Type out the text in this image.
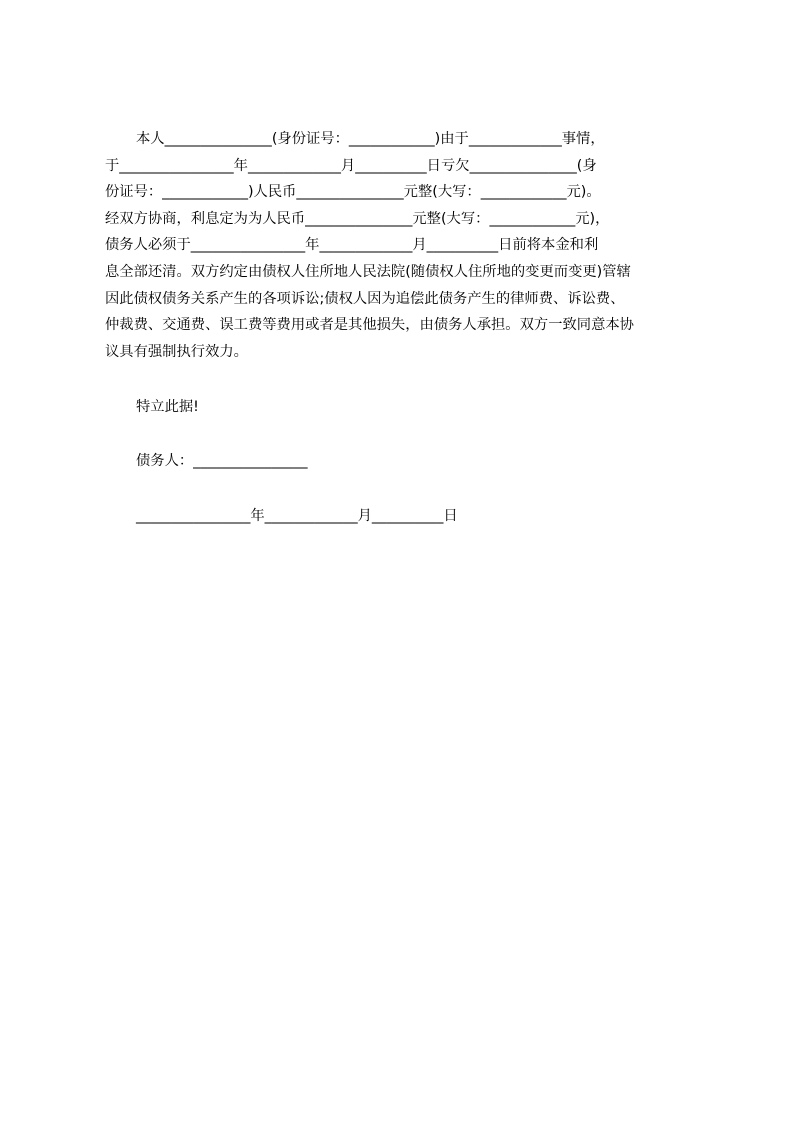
本人_______________(身份证号：____________)由于_____________事情，
于________________年_____________月__________日亏欠_______________(身
份证号：____________)人民币_______________元整(大写：____________元)。
经双方协商，利息定为为人民币_______________元整(大写：____________元)，
债务人必须于________________年_____________月__________日前将本金和利
息全部还清。双方约定由债权人住所地人民法院(随债权人住所地的变更而变更)管辖
因此债权债务关系产生的各项诉讼;债权人因为追偿此债务产生的律师费、诉讼费、
仲裁费、交通费、误工费等费用或者是其他损失，由债务人承担。双方一致同意本协
议具有强制执行效力。
特立此据!
债务人：________________
________________年_____________月__________日
